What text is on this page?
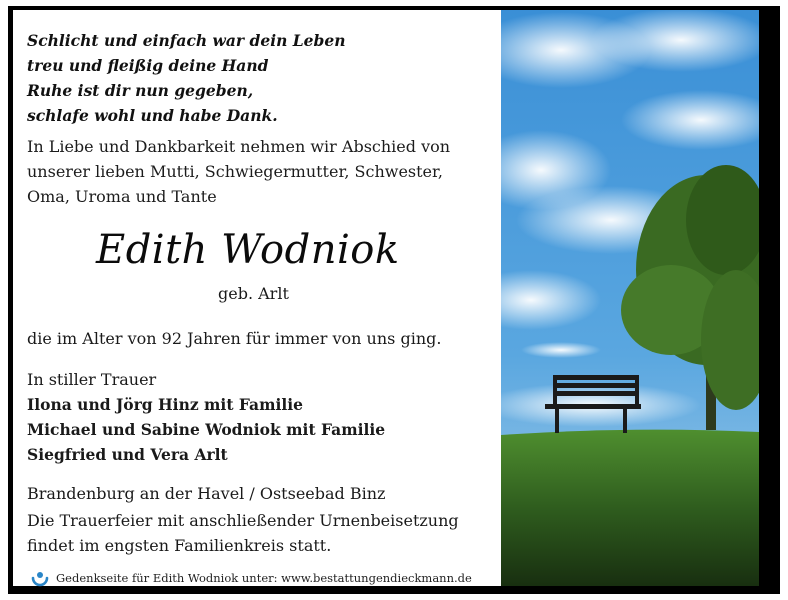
Schlicht und einfach war dein Leben
treu und fleißig deine Hand
Ruhe ist dir nun gegeben,
schlafe wohl und habe Dank.
In Liebe und Dankbarkeit nehmen wir Abschied von
unserer lieben Mutti, Schwiegermutter, Schwester,
Oma, Uroma und Tante
Edith Wodniok
geb. Arlt
die im Alter von 92 Jahren für immer von uns ging.
In stiller Trauer
Ilona und Jörg Hinz mit Familie
Michael und Sabine Wodniok mit Familie
Siegfried und Vera Arlt
Brandenburg an der Havel / Ostseebad Binz
Die Trauerfeier mit anschließender Urnenbeisetzung
findet im engsten Familienkreis statt.
Gedenkseite für Edith Wodniok unter: www.bestattungendieckmann.de
